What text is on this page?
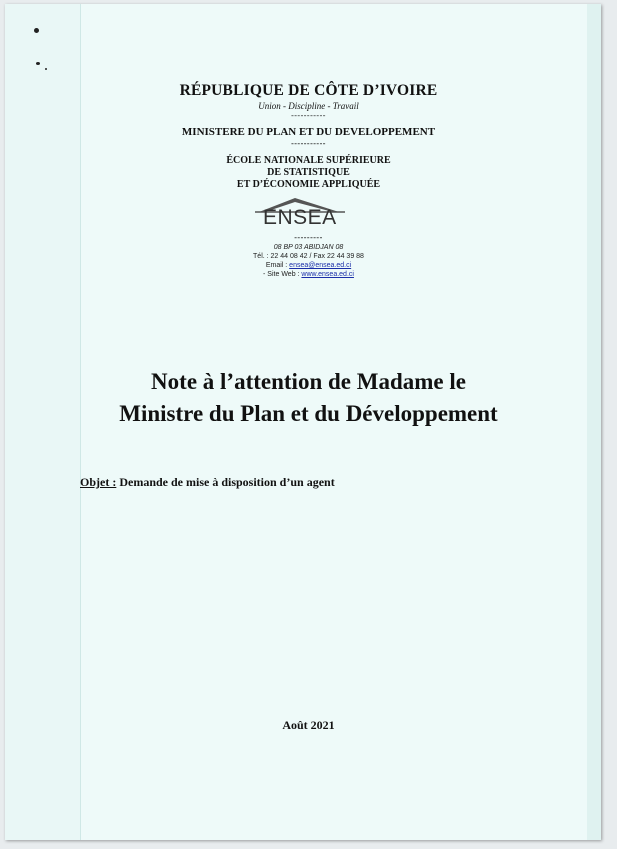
RÉPUBLIQUE DE CÔTE D’IVOIRE
Union - Discipline - Travail
-----------
MINISTERE DU PLAN ET DU DEVELOPPEMENT
-----------
ÉCOLE NATIONALE SUPÉRIEURE
DE STATISTIQUE
ET D’ÉCONOMIE APPLIQUÉE
ENSEA
---------
08 BP 03 ABIDJAN 08
Tél. : 22 44 08 42 / Fax 22 44 39 88
Email : ensea@ensea.ed.ci
- Site Web : www.ensea.ed.ci
Note à l’attention de Madame le
Ministre du Plan et du Développement
Objet : Demande de mise à disposition d’un agent
Août 2021
